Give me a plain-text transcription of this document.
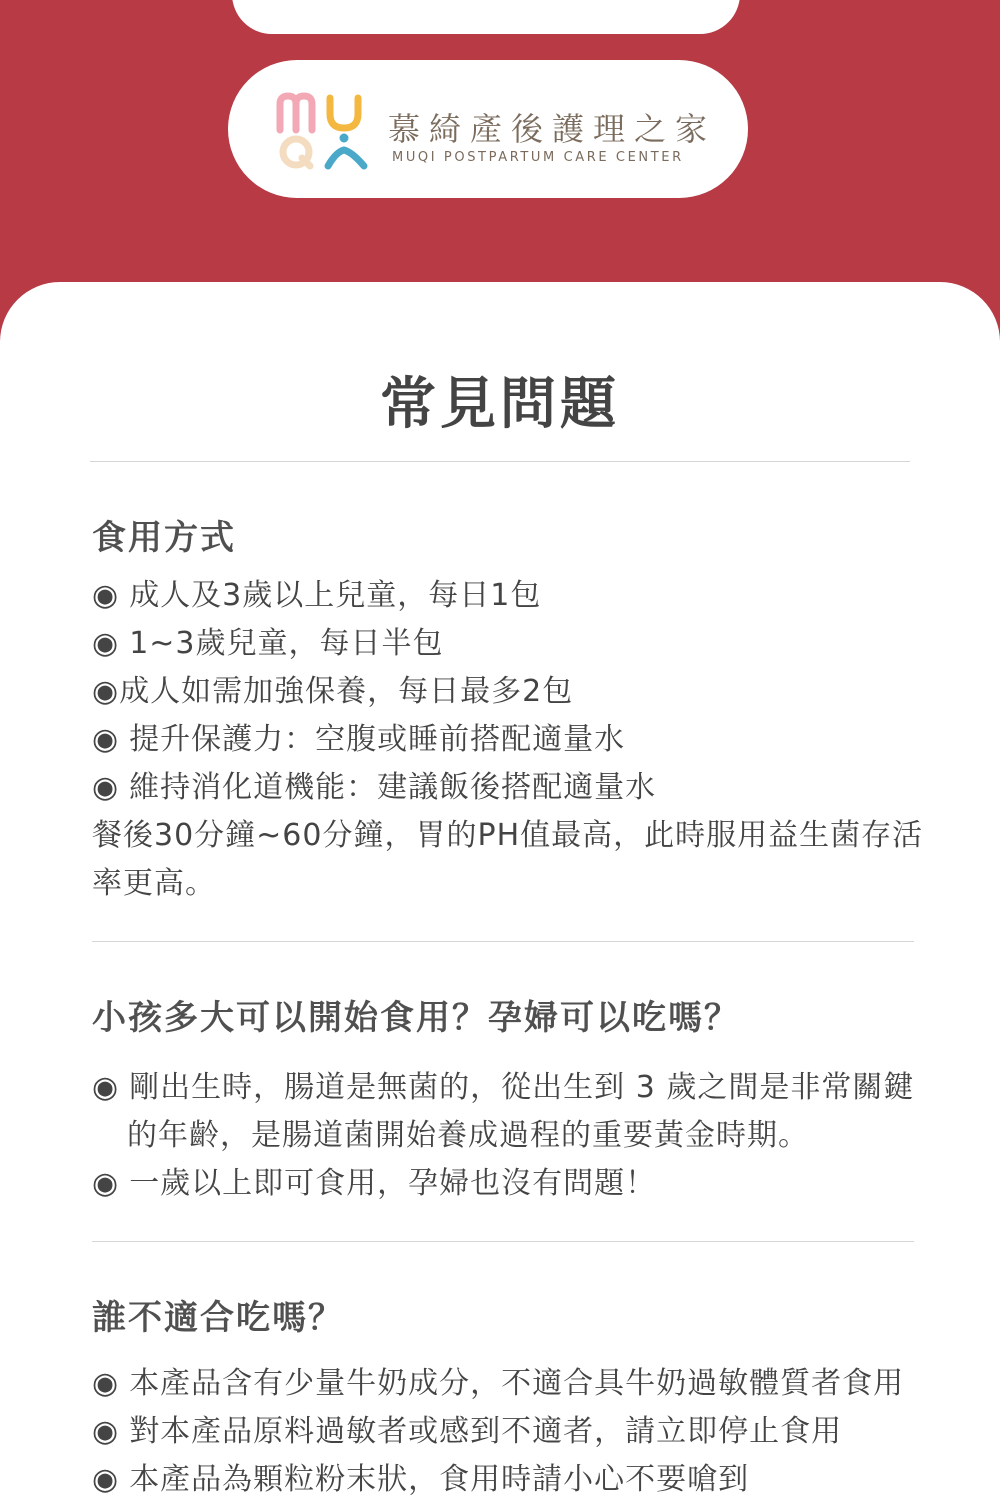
慕綺產後護理之家
MUQI POSTPARTUM CARE CENTER
常見問題
食用方式
◉ 成人及3歲以上兒童，每日1包
◉ 1~3歲兒童，每日半包
◉成人如需加強保養，每日最多2包
◉ 提升保護力：空腹或睡前搭配適量水
◉ 維持消化道機能：建議飯後搭配適量水
餐後30分鐘~60分鐘，胃的PH值最高，此時服用益生菌存活
率更高。
小孩多大可以開始食用？孕婦可以吃嗎？
◉ 剛出生時，腸道是無菌的，從出生到 3 歲之間是非常關鍵
的年齡，是腸道菌開始養成過程的重要黃金時期。
◉ 一歲以上即可食用，孕婦也沒有問題！
誰不適合吃嗎？
◉ 本產品含有少量牛奶成分，不適合具牛奶過敏體質者食用
◉ 對本產品原料過敏者或感到不適者，請立即停止食用
◉ 本產品為顆粒粉末狀，食用時請小心不要嗆到
